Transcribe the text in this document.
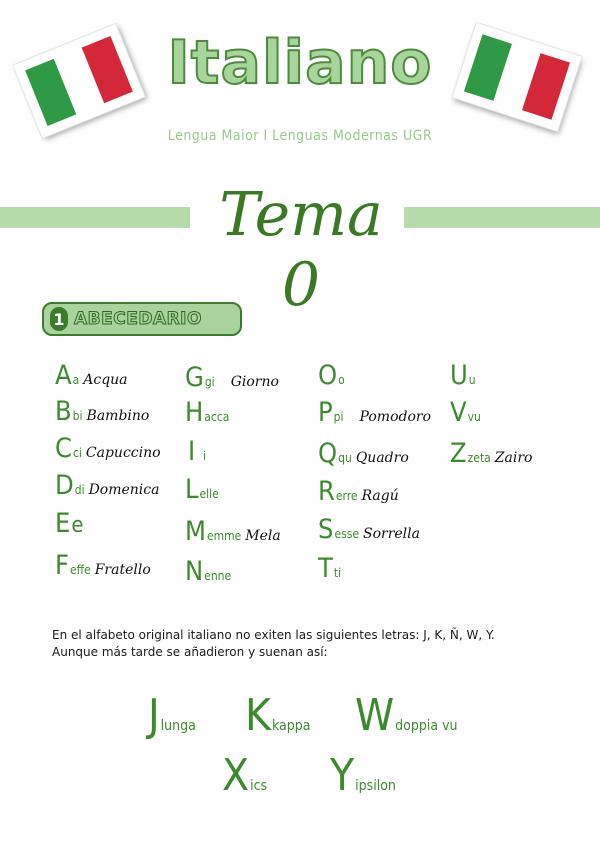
Italiano
Lengua Maior I Lenguas Modernas UGR
Tema 0
1 ABECEDARIO
A a Acqua
B bi Bambino
C ci Capuccino
D di Domenica
E e
F effe Fratello
G gi Giorno
H acca
I i
L elle
M emme Mela
N enne
O o
P pi Pomodoro
Q qu Quadro
R erre Ragú
S esse Sorrella
T ti
U u
V vu
Z zeta Zairo
En el alfabeto original italiano no exiten las siguientes letras: J, K, Ñ, W, Y.
Aunque más tarde se añadieron y suenan así:
J lunga K kappa W doppia vu
X ics Y ipsilon
